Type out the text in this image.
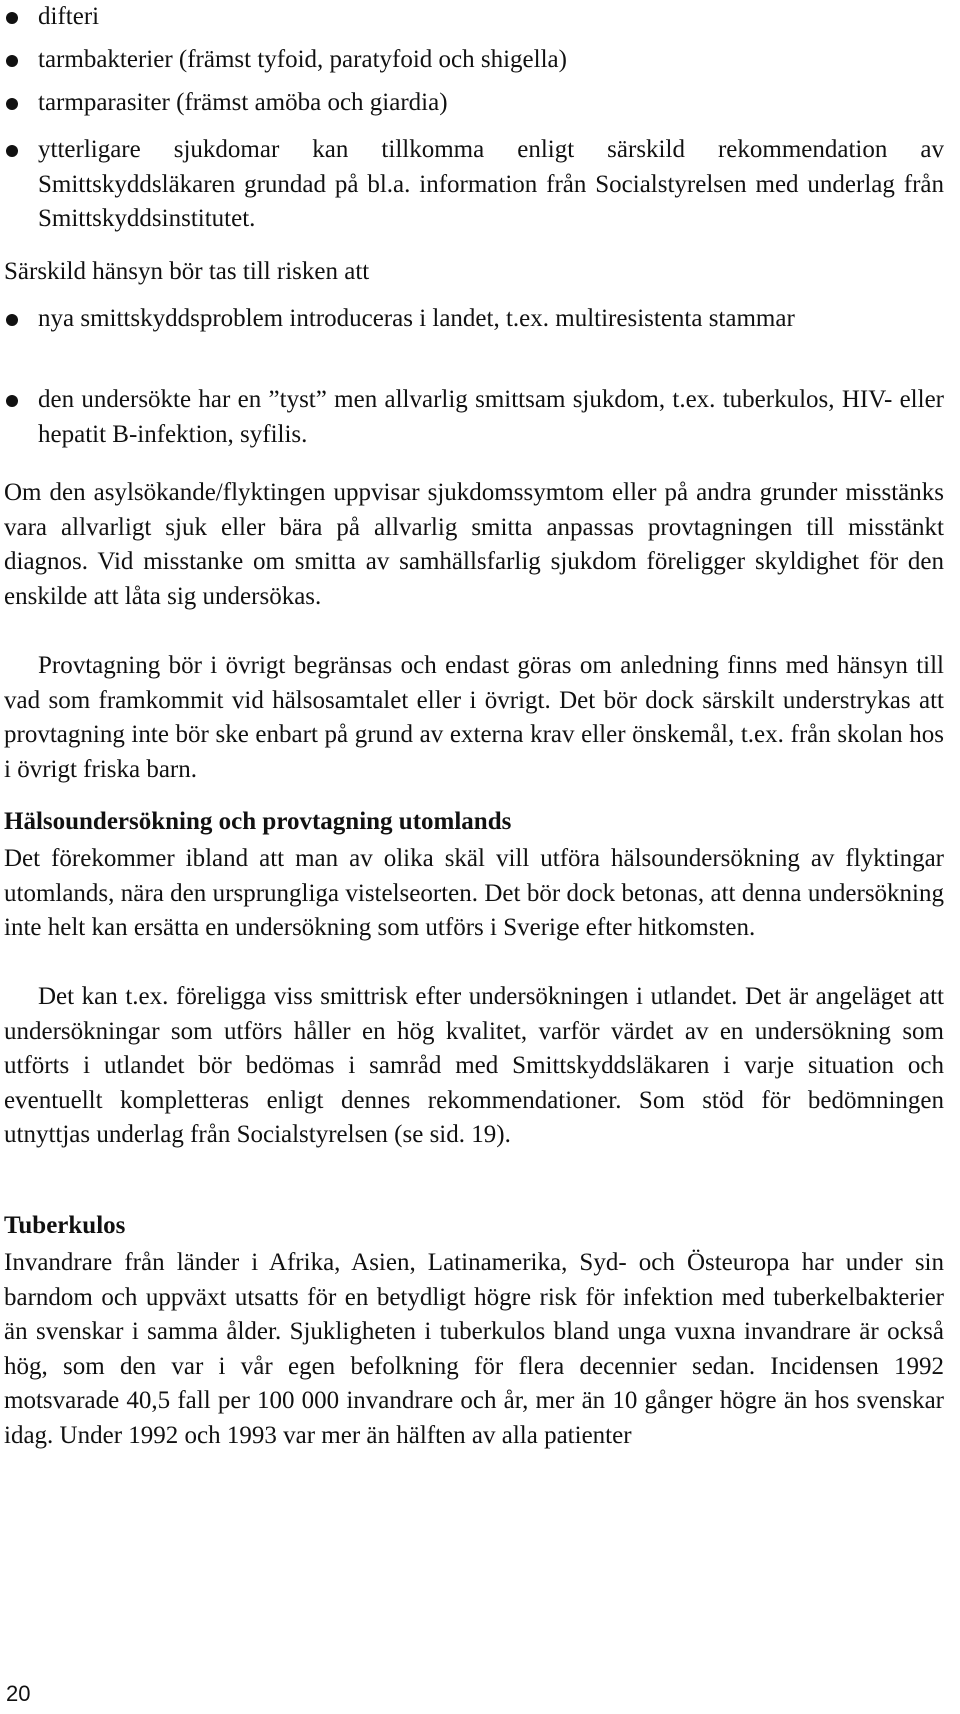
difteri
tarmbakterier (främst tyfoid, paratyfoid och shigella)
tarmparasiter (främst amöba och giardia)
ytterligare sjukdomar kan tillkomma enligt särskild rekommendation av Smittskyddsläkaren grundad på bl.a. information från Socialstyrelsen med underlag från Smittskyddsinstitutet.
Särskild hänsyn bör tas till risken att
nya smittskyddsproblem introduceras i landet, t.ex. multiresistenta stammar
den undersökte har en ”tyst” men allvarlig smittsam sjukdom, t.ex. tuberkulos, HIV- eller hepatit B-infektion, syfilis.
Om den asylsökande/flyktingen uppvisar sjukdomssymtom eller på andra grunder misstänks vara allvarligt sjuk eller bära på allvarlig smitta anpassas provtagningen till misstänkt diagnos. Vid misstanke om smitta av samhällsfarlig sjukdom föreligger skyldighet för den enskilde att låta sig undersökas.
Provtagning bör i övrigt begränsas och endast göras om anledning finns med hänsyn till vad som framkommit vid hälsosamtalet eller i övrigt. Det bör dock särskilt understrykas att provtagning inte bör ske enbart på grund av externa krav eller önskemål, t.ex. från skolan hos i övrigt friska barn.
Hälsoundersökning och provtagning utomlands
Det förekommer ibland att man av olika skäl vill utföra hälsoundersökning av flyktingar utomlands, nära den ursprungliga vistelseorten. Det bör dock betonas, att denna undersökning inte helt kan ersätta en undersökning som utförs i Sverige efter hitkomsten.
Det kan t.ex. föreligga viss smittrisk efter undersökningen i utlandet. Det är angeläget att undersökningar som utförs håller en hög kvalitet, varför värdet av en undersökning som utförts i utlandet bör bedömas i samråd med Smittskyddsläkaren i varje situation och eventuellt kompletteras enligt dennes rekommendationer. Som stöd för bedömningen utnyttjas underlag från Socialstyrelsen (se sid. 19).
Tuberkulos
Invandrare från länder i Afrika, Asien, Latinamerika, Syd- och Östeuropa har under sin barndom och uppväxt utsatts för en betydligt högre risk för infektion med tuberkelbakterier än svenskar i samma ålder. Sjukligheten i tuberkulos bland unga vuxna invandrare är också hög, som den var i vår egen befolkning för flera decennier sedan. Incidensen 1992 motsvarade 40,5 fall per 100 000 invandrare och år, mer än 10 gånger högre än hos svenskar idag. Under 1992 och 1993 var mer än hälften av alla patienter
20
